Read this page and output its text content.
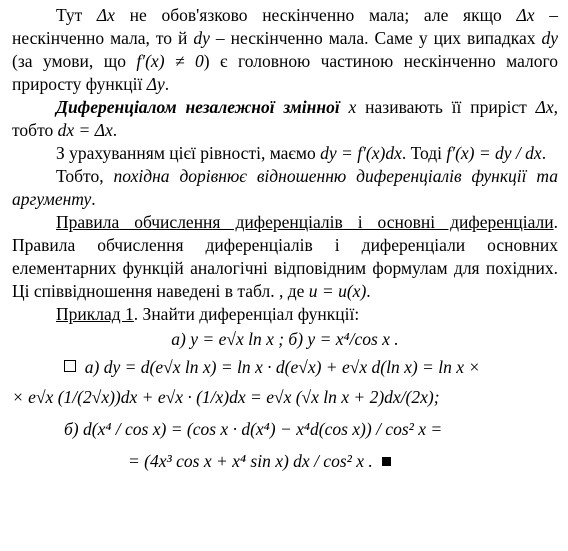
Тут Δx не обов'язково нескінченно мала; але якщо Δx – нескінченно мала, то й dy – нескінченно мала. Саме у цих випадках dy (за умови, що f′(x) ≠ 0) є головною частиною нескінченно малого приросту функції Δy.

Диференціалом незалежної змінної x називають її приріст Δx, тобто dx = Δx.

З урахуванням цієї рівності, маємо dy = f′(x)dx. Тоді f′(x) = dy / dx.

Тобто, похідна дорівнює відношенню диференціалів функції та аргументу.

Правила обчислення диференціалів і основні диференціали. Правила обчислення диференціалів і диференціали основних елементарних функцій аналогічні відповідним формулам для похідних. Ці співвідношення наведені в табл. , де u = u(x).

Приклад 1. Знайти диференціал функції:

а) y = e√x ln x ; б) y = x⁴/cos x .

а) dy = d(e√x ln x) = ln x · d(e√x) + e√x d(ln x) = ln x ×

× e√x (1/(2√x))dx + e√x · (1/x)dx = e√x (√x ln x + 2)dx/(2x);

б) d(x⁴ / cos x) = (cos x · d(x⁴) − x⁴d(cos x)) / cos² x =

= (4x³ cos x + x⁴ sin x) dx / cos² x .
